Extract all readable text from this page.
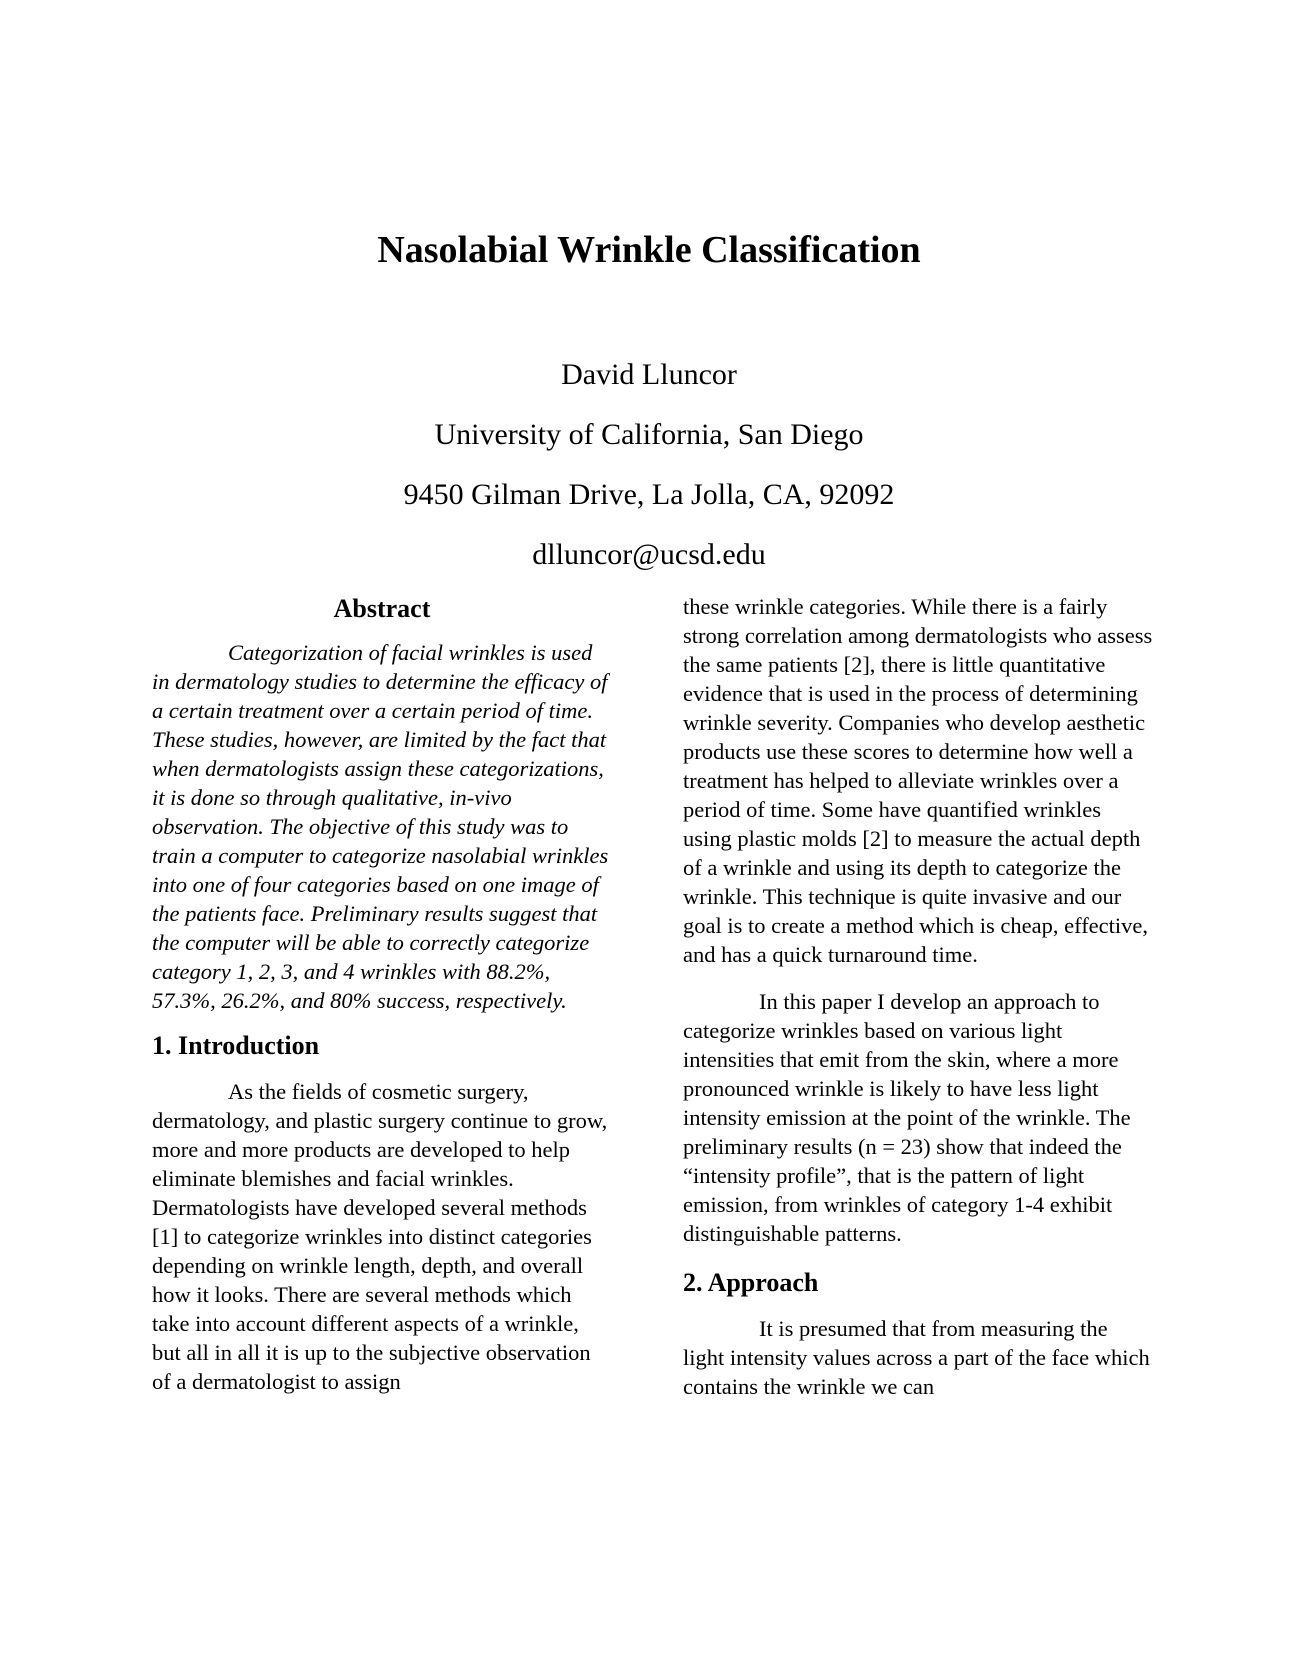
Nasolabial Wrinkle Classification

David Lluncor

University of California, San Diego

9450 Gilman Drive, La Jolla, CA, 92092

dlluncor@ucsd.edu

Abstract

Categorization of facial wrinkles is used in dermatology studies to determine the efficacy of a certain treatment over a certain period of time. These studies, however, are limited by the fact that when dermatologists assign these categorizations, it is done so through qualitative, in-vivo observation. The objective of this study was to train a computer to categorize nasolabial wrinkles into one of four categories based on one image of the patients face. Preliminary results suggest that the computer will be able to correctly categorize category 1, 2, 3, and 4 wrinkles with 88.2%, 57.3%, 26.2%, and 80% success, respectively.

1. Introduction

As the fields of cosmetic surgery, dermatology, and plastic surgery continue to grow, more and more products are developed to help eliminate blemishes and facial wrinkles. Dermatologists have developed several methods [1] to categorize wrinkles into distinct categories depending on wrinkle length, depth, and overall how it looks. There are several methods which take into account different aspects of a wrinkle, but all in all it is up to the subjective observation of a dermatologist to assign

these wrinkle categories. While there is a fairly strong correlation among dermatologists who assess the same patients [2], there is little quantitative evidence that is used in the process of determining wrinkle severity. Companies who develop aesthetic products use these scores to determine how well a treatment has helped to alleviate wrinkles over a period of time. Some have quantified wrinkles using plastic molds [2] to measure the actual depth of a wrinkle and using its depth to categorize the wrinkle. This technique is quite invasive and our goal is to create a method which is cheap, effective, and has a quick turnaround time.

In this paper I develop an approach to categorize wrinkles based on various light intensities that emit from the skin, where a more pronounced wrinkle is likely to have less light intensity emission at the point of the wrinkle. The preliminary results (n = 23) show that indeed the “intensity profile”, that is the pattern of light emission, from wrinkles of category 1-4 exhibit distinguishable patterns.

2. Approach

It is presumed that from measuring the light intensity values across a part of the face which contains the wrinkle we can
